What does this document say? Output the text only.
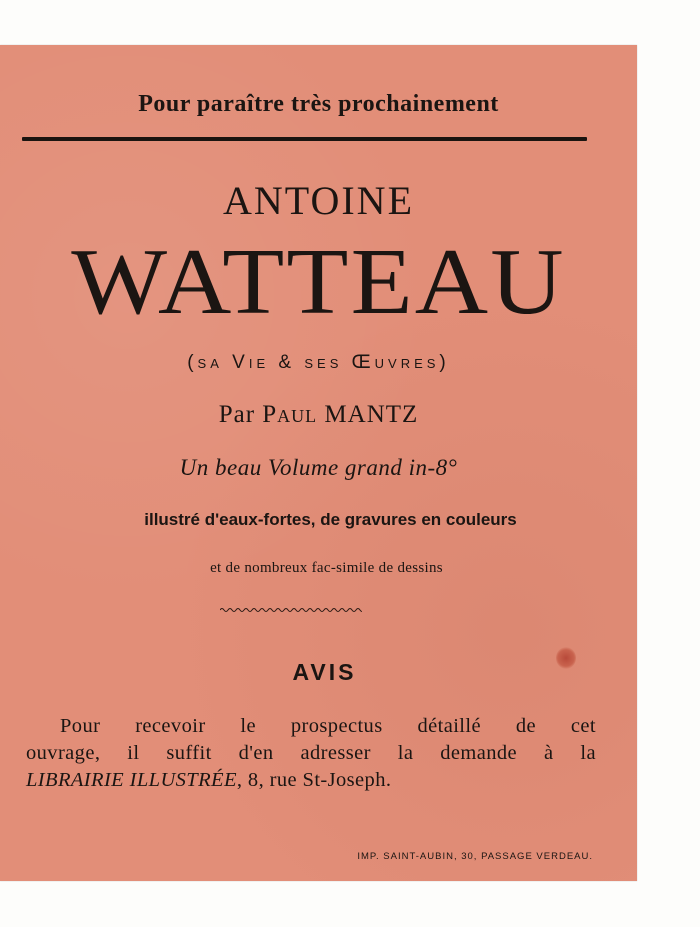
Pour paraître très prochainement
ANTOINE
WATTEAU
(sa Vie & ses Œuvres)
Par Paul MANTZ
Un beau Volume grand in-8°
illustré d'eaux-fortes, de gravures en couleurs
et de nombreux fac-simile de dessins
AVIS
Pour recevoir le prospectus détaillé de cet
ouvrage, il suffit d'en adresser la demande à la
LIBRAIRIE ILLUSTRÉE, 8, rue St-Joseph.
IMP. SAINT-AUBIN, 30, PASSAGE VERDEAU.
